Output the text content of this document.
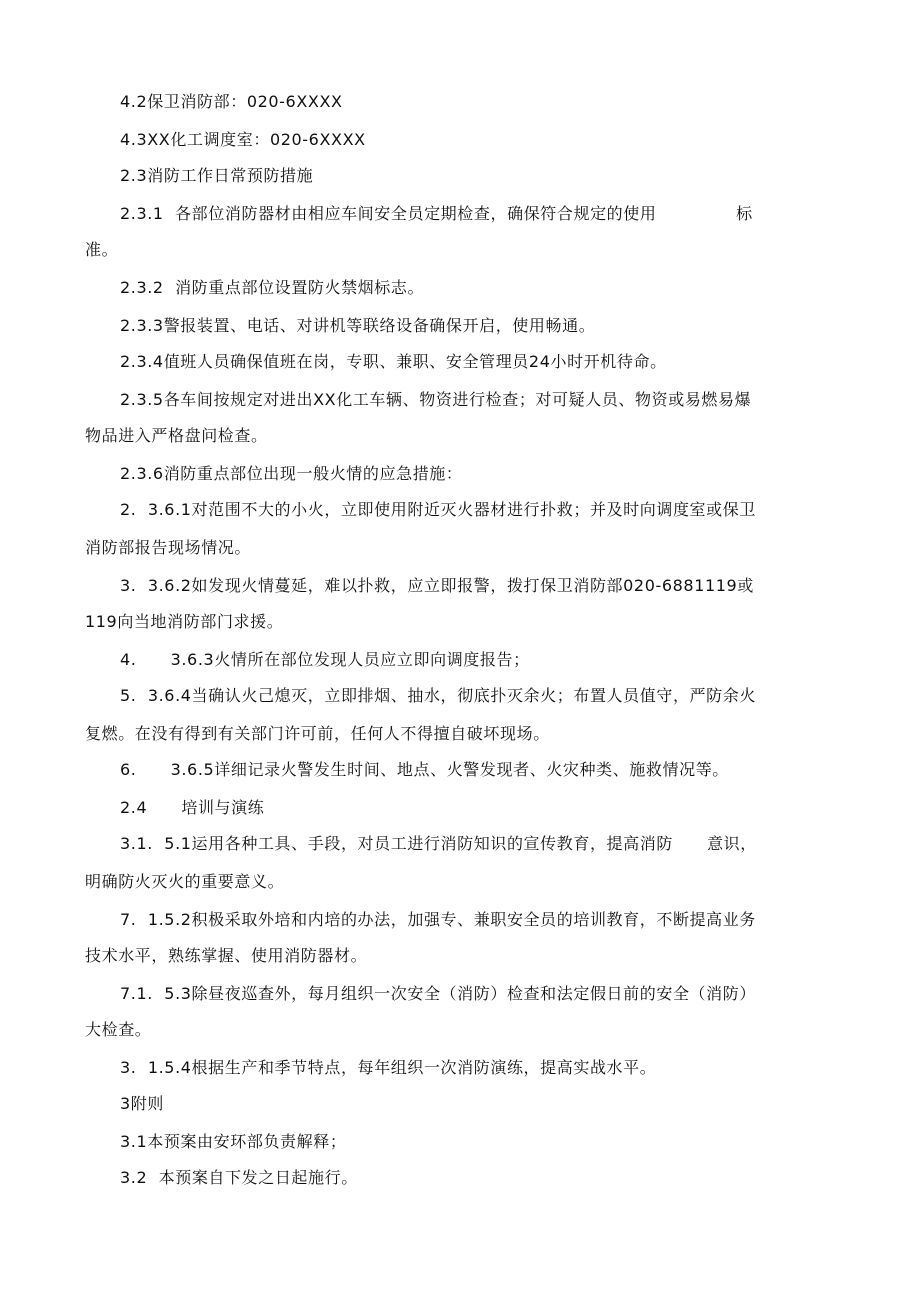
4.2保卫消防部：020-6XXXX
4.3XX化工调度室：020-6XXXX
2.3消防工作日常预防措施
2.3.1  各部位消防器材由相应车间安全员定期检查，确保符合规定的使用              标
准。
2.3.2  消防重点部位设置防火禁烟标志。
2.3.3警报装置、电话、对讲机等联络设备确保开启，使用畅通。
2.3.4值班人员确保值班在岗，专职、兼职、安全管理员24小时开机待命。
2.3.5各车间按规定对进出XX化工车辆、物资进行检查；对可疑人员、物资或易燃易爆
物品进入严格盘问检查。
2.3.6消防重点部位出现一般火情的应急措施：
2.  3.6.1对范围不大的小火，立即使用附近灭火器材进行扑救；并及时向调度室或保卫
消防部报告现场情况。
3.  3.6.2如发现火情蔓延，难以扑救，应立即报警，拨打保卫消防部020-6881119或
119向当地消防部门求援。
4.      3.6.3火情所在部位发现人员应立即向调度报告；
5.  3.6.4当确认火己熄灭，立即排烟、抽水，彻底扑灭余火；布置人员值守，严防余火
复燃。在没有得到有关部门许可前，任何人不得擅自破坏现场。
6.      3.6.5详细记录火警发生时间、地点、火警发现者、火灾种类、施救情况等。
2.4      培训与演练
3.1.  5.1运用各种工具、手段，对员工进行消防知识的宣传教育，提高消防      意识，
明确防火灭火的重要意义。
7.  1.5.2积极采取外培和内培的办法，加强专、兼职安全员的培训教育，不断提高业务
技术水平，熟练掌握、使用消防器材。
7.1.  5.3除昼夜巡查外，每月组织一次安全（消防）检查和法定假日前的安全（消防）
大检查。
3.  1.5.4根据生产和季节特点，每年组织一次消防演练，提高实战水平。
3附则
3.1本预案由安环部负责解释；
3.2  本预案自下发之日起施行。
